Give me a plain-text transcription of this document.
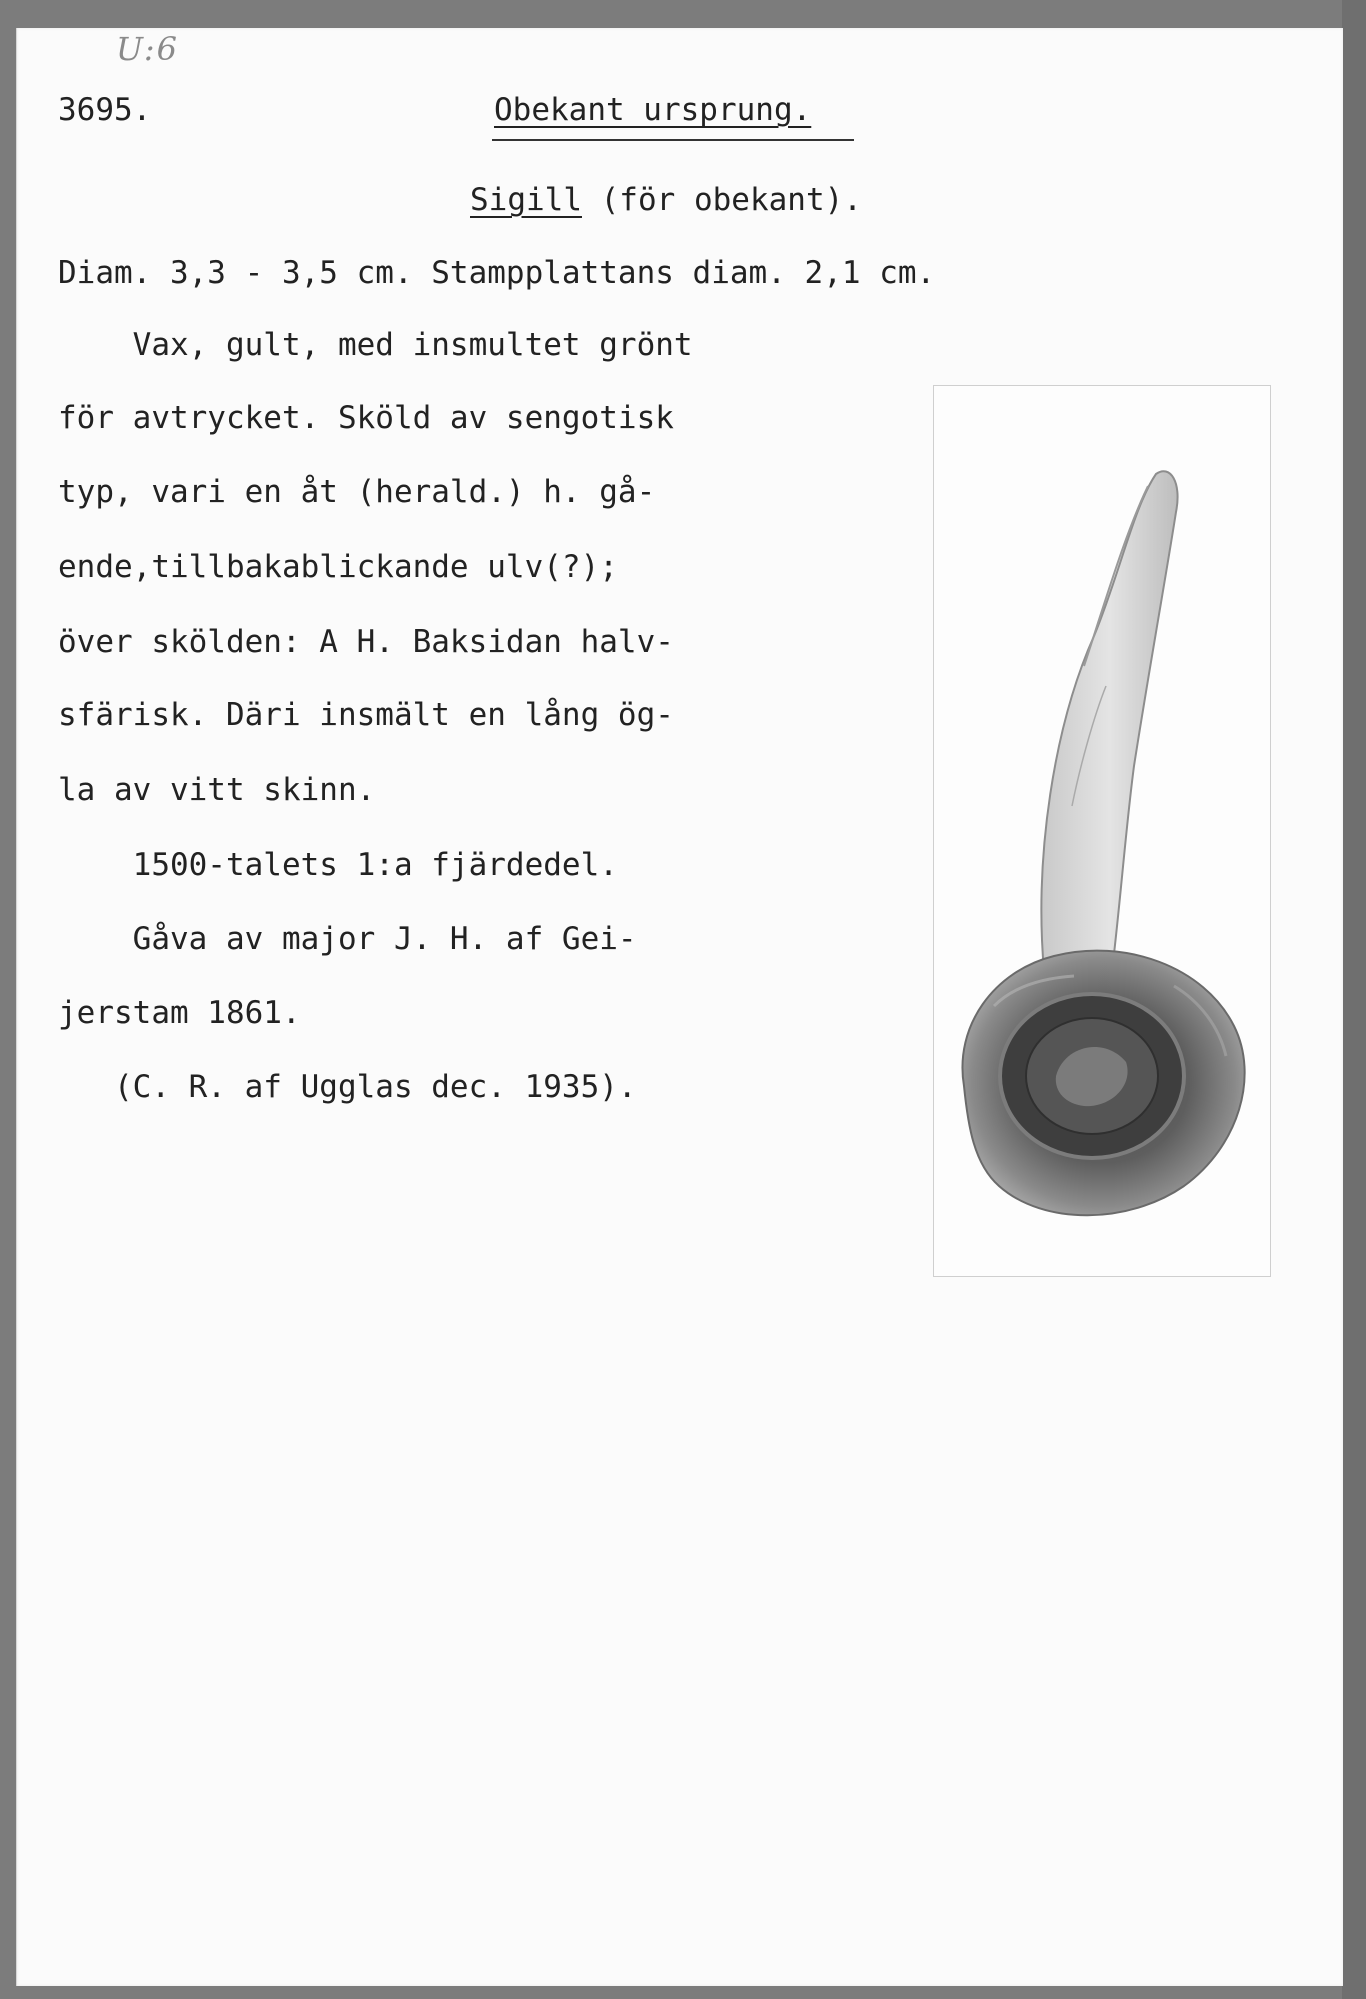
U:6
3695.	Obekant ursprung.
Sigill (för obekant).
Diam. 3,3 - 3,5 cm. Stampplattans diam. 2,1 cm.
Vax, gult, med insmultet grönt
för avtrycket. Sköld av sengotisk
typ, vari en åt (herald.) h. gå-
ende,tillbakablickande ulv(?);
över skölden: A H. Baksidan halv-
sfärisk. Däri insmält en lång ög-
la av vitt skinn.
1500-talets 1:a fjärdedel.
Gåva av major J. H. af Gei-
jerstam 1861.
(C. R. af Ugglas dec. 1935).
